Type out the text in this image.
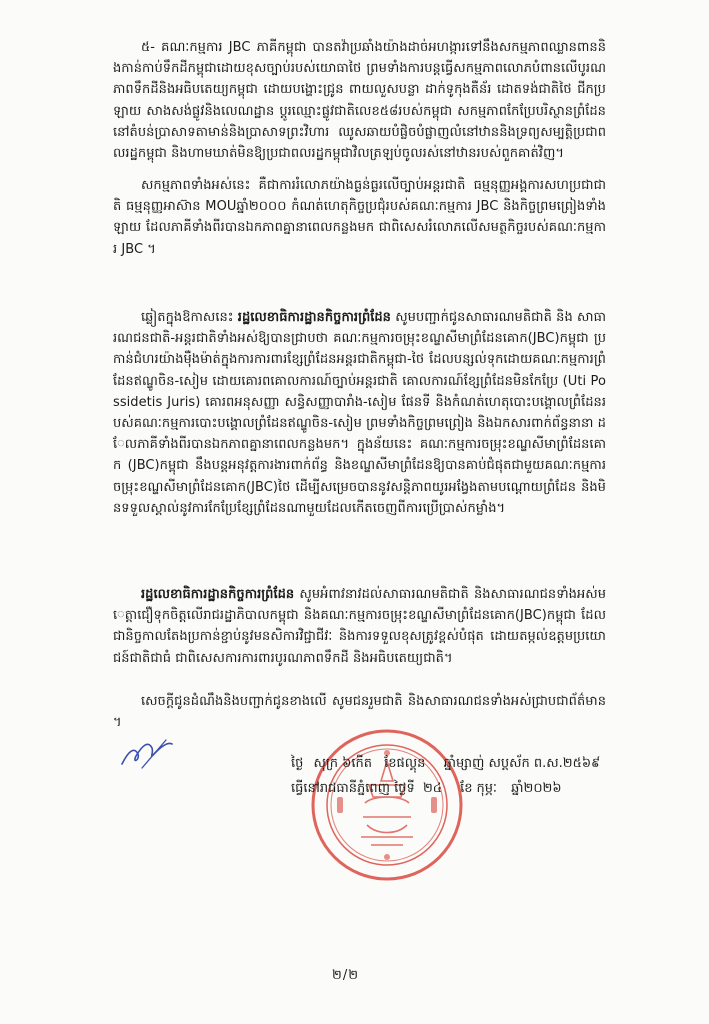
៥- គណៈកម្មការ JBC ភាគីកម្ពុជា បានតវ៉ាប្រឆាំងយ៉ាងដាច់អហង្ការទៅនឹងសកម្មភាពឈ្លានពាននិងកាន់កាប់ទឹកដីកម្ពុជាដោយខុសច្បាប់របស់យោធាថៃ ព្រមទាំងការបន្តធ្វើសកម្មភាពលោភបំពានលើបូរណភាពទឹកដីនិងអធិបតេយ្យកម្ពុជា ដោយបង្ហោះជ្រូន ពាយលួសបន្លា ដាក់ទូកុងតឺន័រ ដោតទង់ជាតិថៃ ជីកប្រឡាយ សាងសង់ផ្លូវនិងលេណដ្ឋាន ប្តូរឈ្មោះផ្លូវជាតិលេខ៥៨របស់កម្ពុជា សកម្មភាពកែប្រែបរិស្ថានព្រំដែននៅតំបន់ប្រាសាទតាមាន់និងប្រាសាទព្រះវិហារ ឈូសឆាយបំផ្លិចបំផ្លាញលំនៅឋាននិងទ្រព្យសម្បត្តិប្រជាពលរដ្ឋកម្ពុជា និងហាមឃាត់មិនឱ្យប្រជាពលរដ្ឋកម្ពុជាវិលត្រឡប់ចូលរស់នៅឋានរបស់ពួកគាត់វិញ។
សកម្មភាពទាំងអស់នេះ គឺជាការរំលោភយ៉ាងធ្ងន់ធ្ងរលើច្បាប់អន្តរជាតិ ធម្មនុញ្ញអង្គការសហប្រជាជាតិ ធម្មនុញ្ញអាស៊ាន MOUឆ្នាំ២០០០ កំណត់ហេតុកិច្ចប្រជុំរបស់គណៈកម្មការ JBC និងកិច្ចព្រមព្រៀងទាំងឡាយ ដែលភាគីទាំងពីរបានឯកភាពគ្នានាពេលកន្លងមក ជាពិសេសរំលោភលើសមត្ថកិច្ចរបស់គណៈកម្មការ JBC ។
ឆ្លៀតក្នុងឱកាសនេះ រដ្ឋលេខាធិការដ្ឋានកិច្ចការព្រំដែន សូមបញ្ជាក់ជូនសាធារណមតិជាតិ និង សាធារណជនជាតិ-អន្តរជាតិទាំងអស់ឱ្យបានជ្រាបថា គណៈកម្មការចម្រុះខណ្ឌសីមាព្រំដែនគោក(JBC)កម្ពុជា ប្រកាន់ជំហរយ៉ាងម៉ឺងម៉ាត់ក្នុងការការពារខ្សែព្រំដែនអន្តរជាតិកម្ពុជា-ថៃ ដែលបន្សល់ទុកដោយគណៈកម្មការព្រំដែនឥណ្ឌូចិន-សៀម ដោយគោរពគោលការណ៍ច្បាប់អន្តរជាតិ គោលការណ៍ខ្សែព្រំដែនមិនកែប្រែ (Uti Possidetis Juris) គោរពអនុសញ្ញា សន្ធិសញ្ញាបារាំង-សៀម ផែនទី និងកំណត់ហេតុបោះបង្គោលព្រំដែនរបស់គណៈកម្មការបោះបង្គោលព្រំដែនឥណ្ឌូចិន-សៀម ព្រមទាំងកិច្ចព្រមព្រៀង និងឯកសារពាក់ព័ន្ធនានា ដែលភាគីទាំងពីរបានឯកភាពគ្នានាពេលកន្លងមក។ ក្នុងន័យនេះ គណៈកម្មការចម្រុះខណ្ឌសីមាព្រំដែនគោក (JBC)កម្ពុជា នឹងបន្តអនុវត្តការងារពាក់ព័ន្ធ និងខណ្ឌសីមាព្រំដែនឱ្យបានគាប់ជំផុតជាមួយគណៈកម្មការចម្រុះខណ្ឌសីមាព្រំដែនគោក(JBC)ថៃ ដើម្បីសម្រេចបាននូវសន្តិភាពយូរអង្វែងតាមបណ្តោយព្រំដែន និងមិនទទួលស្គាល់នូវការកែប្រែខ្សែព្រំដែនណាមួយដែលកើតចេញពីការប្រើប្រាស់កម្លាំង។
រដ្ឋលេខាធិការដ្ឋានកិច្ចការព្រំដែន សូមអំពាវនាវដល់សាធារណមតិជាតិ និងសាធារណជនទាំងអស់មេត្តាជឿទុកចិត្តលើរាជរដ្ឋាភិបាលកម្ពុជា និងគណៈកម្មការចម្រុះខណ្ឌសីមាព្រំដែនគោក(JBC)កម្ពុជា ដែលជានិច្ចកាលតែងប្រកាន់ខ្ជាប់នូវមនសិការវិជ្ជាជីវៈ និងការទទួលខុសត្រូវខ្ពស់បំផុត ដោយតម្កល់ឧត្តមប្រយោជន៍ជាតិជាធំ ជាពិសេសការការពារបូរណភាពទឹកដី និងអធិបតេយ្យជាតិ។
សេចក្តីជូនដំណឹងនិងបញ្ជាក់ជូនខាងលើ សូមជនរួមជាតិ និងសាធារណជនទាំងអស់ជ្រាបជាព័ត៌មាន។
ថ្ងៃ សុក្រ ៦កើត ខែផល្គុន ឆ្នាំម្សាញ់ សប្តស័ក ព.ស.២៥៦៩
ធ្វើនៅរាជធានីភ្នំពេញ ថ្ងៃទី ២៤ ខែ កុម្ភៈ ឆ្នាំ២០២៦
២/២
